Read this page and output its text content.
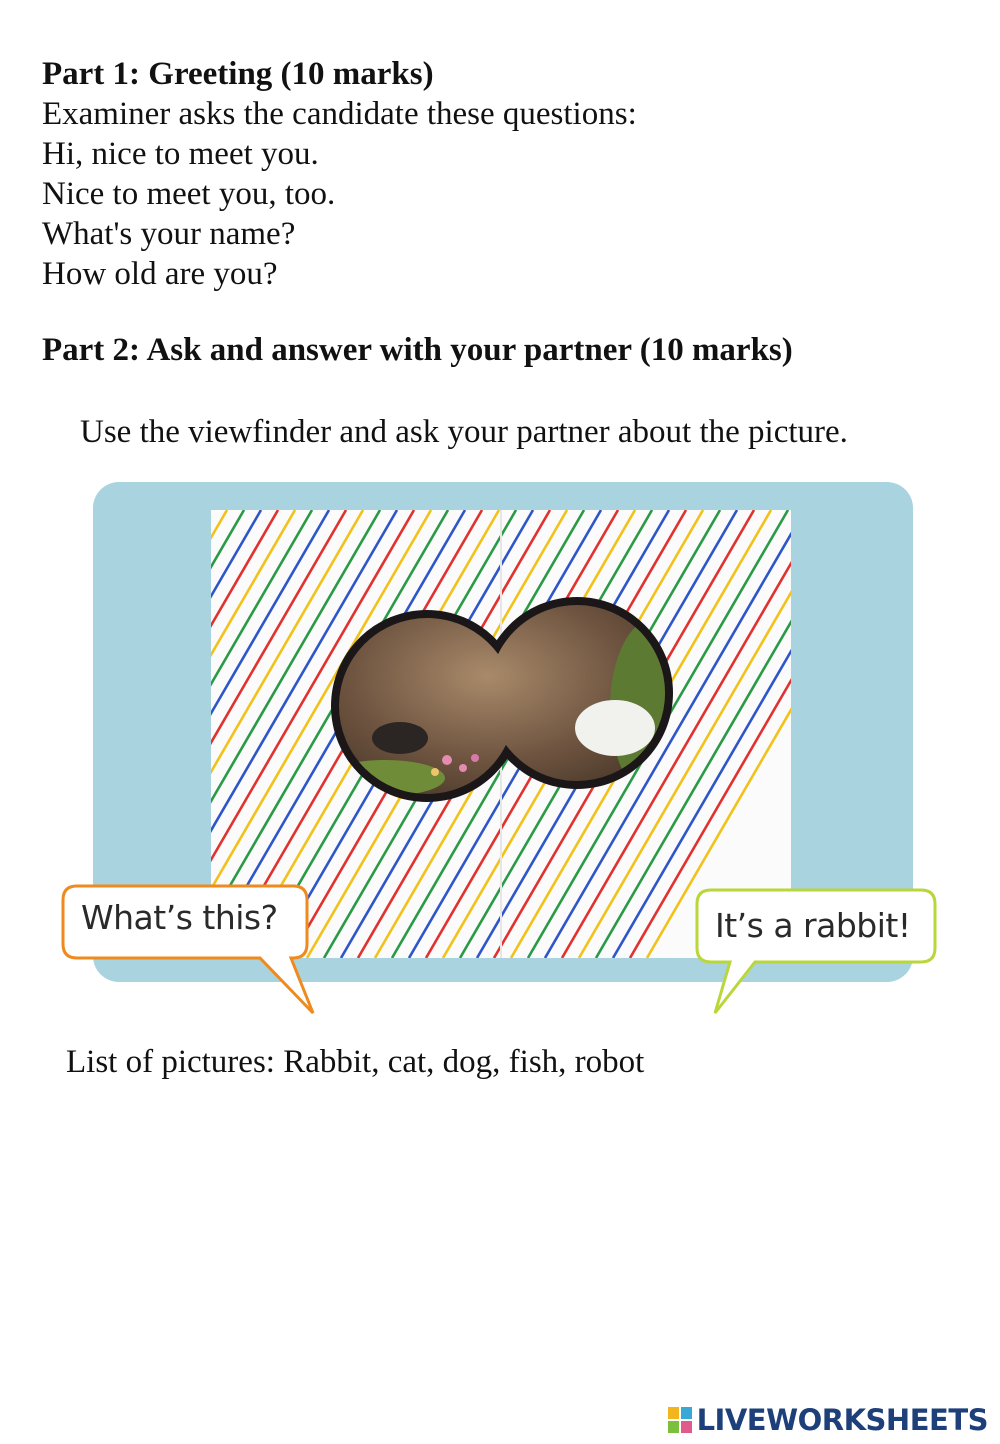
Part 1: Greeting (10 marks)
Examiner asks the candidate these questions:
Hi, nice to meet you.
Nice to meet you, too.
What's your name?
How old are you?
Part 2: Ask and answer with your partner (10 marks)
Use the viewfinder and ask your partner about the picture.
What’s this?	It’s a rabbit!
List of pictures: Rabbit, cat, dog, fish, robot
LIVEWORKSHEETS
